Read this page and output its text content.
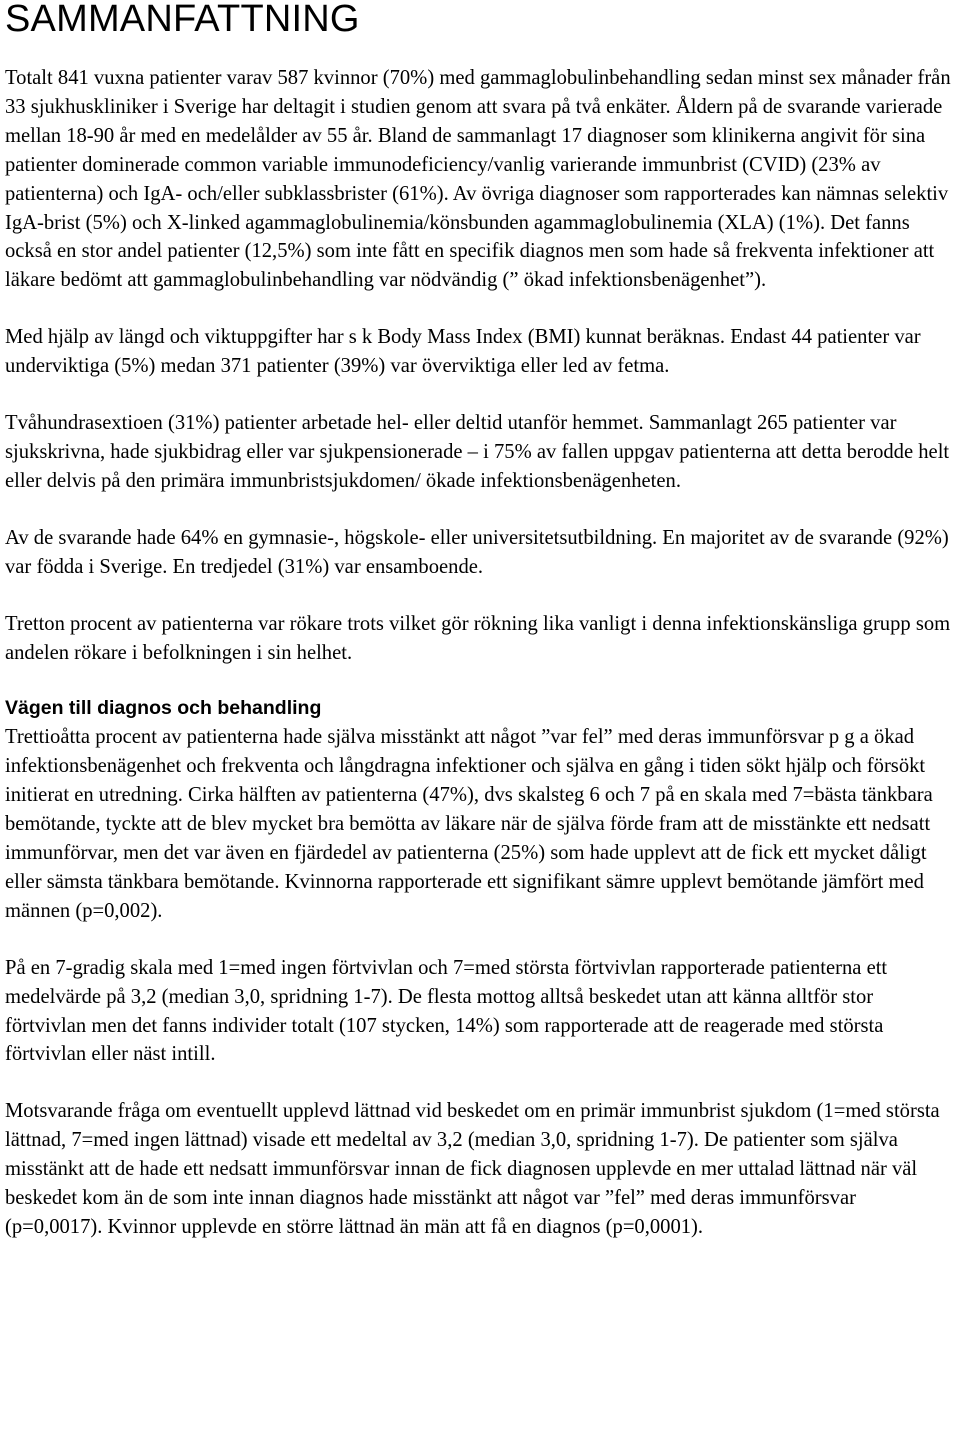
SAMMANFATTNING

Totalt 841 vuxna patienter varav 587 kvinnor (70%) med gammaglobulinbehandling sedan minst sex månader från 33 sjukhuskliniker i Sverige har deltagit i studien genom att svara på två enkäter. Åldern på de svarande varierade mellan 18-90 år med en medelålder av 55 år. Bland de sammanlagt 17 diagnoser som klinikerna angivit för sina patienter dominerade common variable immunodeficiency/vanlig varierande immunbrist (CVID) (23% av patienterna) och IgA- och/eller subklassbrister (61%). Av övriga diagnoser som rapporterades kan nämnas selektiv IgA-brist (5%) och X-linked agammaglobulinemia/könsbunden agammaglobulinemia (XLA) (1%). Det fanns också en stor andel patienter (12,5%) som inte fått en specifik diagnos men som hade så frekventa infektioner att läkare bedömt att gammaglobulinbehandling var nödvändig (” ökad infektionsbenägenhet”).

Med hjälp av längd och viktuppgifter har s k Body Mass Index (BMI) kunnat beräknas. Endast 44 patienter var underviktiga (5%) medan 371 patienter (39%) var överviktiga eller led av fetma.

Tvåhundrasextioen (31%) patienter arbetade hel- eller deltid utanför hemmet. Sammanlagt 265 patienter var sjukskrivna, hade sjukbidrag eller var sjukpensionerade – i 75% av fallen uppgav patienterna att detta berodde helt eller delvis på den primära immunbristsjukdomen/ ökade infektionsbenägenheten.

Av de svarande hade 64% en gymnasie-, högskole- eller universitetsutbildning. En majoritet av de svarande (92%) var födda i Sverige. En tredjedel (31%) var ensamboende.

Tretton procent av patienterna var rökare trots vilket gör rökning lika vanligt i denna infektionskänsliga grupp som andelen rökare i befolkningen i sin helhet.

Vägen till diagnos och behandling

Trettioåtta procent av patienterna hade själva misstänkt att något ”var fel” med deras immunförsvar p g a ökad infektionsbenägenhet och frekventa och långdragna infektioner och själva en gång i tiden sökt hjälp och försökt initierat en utredning. Cirka hälften av patienterna (47%), dvs skalsteg 6 och 7 på en skala med 7=bästa tänkbara bemötande, tyckte att de blev mycket bra bemötta av läkare när de själva förde fram att de misstänkte ett nedsatt immunförvar, men det var även en fjärdedel av patienterna (25%) som hade upplevt att de fick ett mycket dåligt eller sämsta tänkbara bemötande. Kvinnorna rapporterade ett signifikant sämre upplevt bemötande jämfört med männen (p=0,002).

På en 7-gradig skala med 1=med ingen förtvivlan och 7=med största förtvivlan rapporterade patienterna ett medelvärde på 3,2 (median 3,0, spridning 1-7). De flesta mottog alltså beskedet utan att känna alltför stor förtvivlan men det fanns individer totalt (107 stycken, 14%) som rapporterade att de reagerade med största förtvivlan eller näst intill.

Motsvarande fråga om eventuellt upplevd lättnad vid beskedet om en primär immunbrist sjukdom (1=med största lättnad, 7=med ingen lättnad) visade ett medeltal av 3,2 (median 3,0, spridning 1-7). De patienter som själva misstänkt att de hade ett nedsatt immunförsvar innan de fick diagnosen upplevde en mer uttalad lättnad när väl beskedet kom än de som inte innan diagnos hade misstänkt att något var ”fel” med deras immunförsvar (p=0,0017). Kvinnor upplevde en större lättnad än män att få en diagnos (p=0,0001).
